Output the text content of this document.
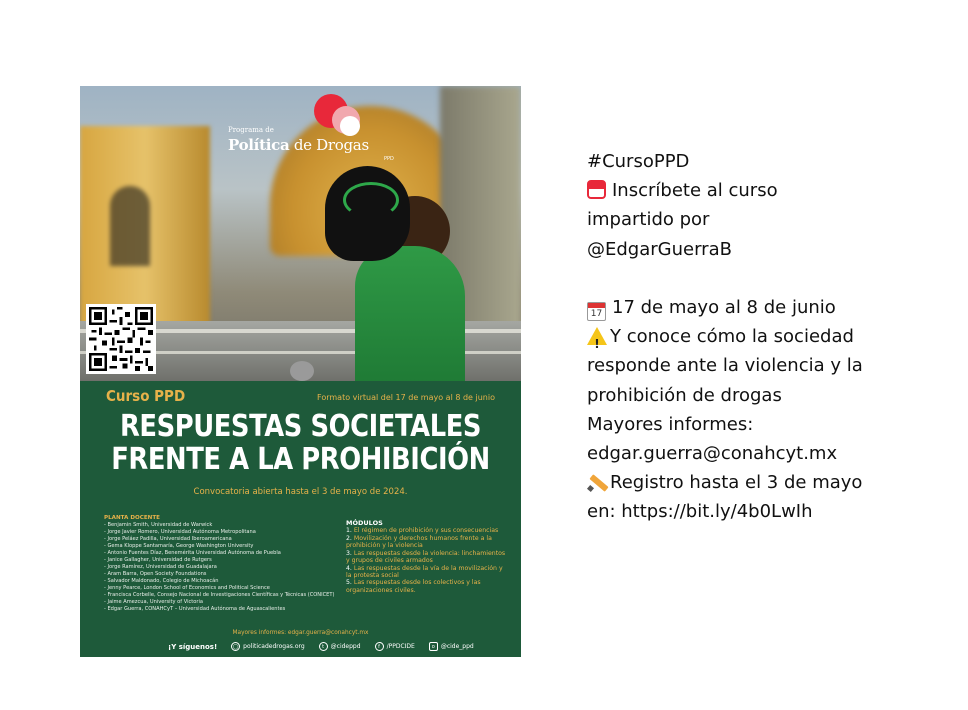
Programa de
Política de Drogas
PPD
Curso PPD	Formato virtual del 17 de mayo al 8 de junio
RESPUESTAS SOCIETALES
FRENTE A LA PROHIBICIÓN
Convocatoria abierta hasta el 3 de mayo de 2024.
PLANTA DOCENTE
- Benjamin Smith, Universidad de Warwick
- Jorge Javier Romero, Universidad Autónoma Metropolitana
- Jorge Peláez Padilla, Universidad Iberoamericana
- Gema Kloppe Santamaría, George Washington University
- Antonio Fuentes Díaz, Benemérita Universidad Autónoma de Puebla
- Janice Gallagher, Universidad de Rutgers
- Jorge Ramírez, Universidad de Guadalajara
- Aram Barra, Open Society Foundations
- Salvador Maldonado, Colegio de Michoacán
- Jenny Pearce, London School of Economics and Political Science
- Francisca Corbelle, Consejo Nacional de Investigaciones Científicas y Técnicas (CONICET)
- Jaime Amezcua, University of Victoria
- Edgar Guerra, CONAHCyT – Universidad Autónoma de Aguascalientes
MÓDULOS
1. El régimen de prohibición y sus consecuencias
2. Movilización y derechos humanos frente a la prohibición y la violencia
3. Las respuestas desde la violencia: linchamientos y grupos de civiles armados
4. Las respuestas desde la vía de la movilización y la protesta social
5. Las respuestas desde los colectivos y las organizaciones civiles.
Mayores informes: edgar.guerra@conahcyt.mx
¡Y síguenos!	◯ politicadedrogas.org	t	@cideppd	f	/PPDCIDE	o @cide_ppd
#CursoPPD
Inscríbete al curso
impartido por
@EdgarGuerraB
17 17 de mayo al 8 de junio
!Y conoce cómo la sociedad
responde ante la violencia y la
prohibición de drogas
Mayores informes:
edgar.guerra@conahcyt.mx
Registro hasta el 3 de mayo
en: https://bit.ly/4b0LwIh
